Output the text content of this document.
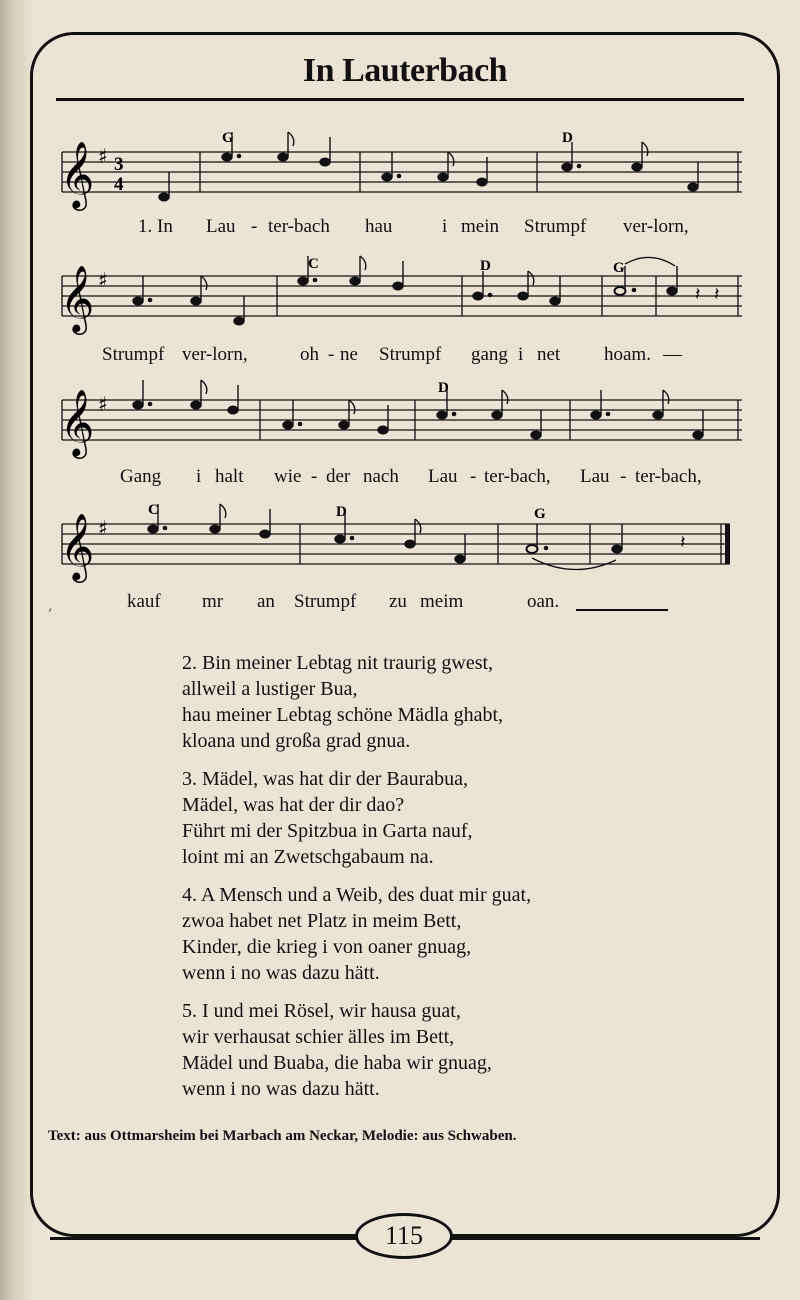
In Lauterbach
𝄞 ♯ 3
4
G	D
1. In Lau - ter-bach hau	i mein Strumpf ver-lorn,
𝄞 ♯
C	D	G
𝄽 𝄽
Strumpf ver-lorn,	oh - ne Strumpf gang i net hoam. —
𝄞 ♯
D
Gang i halt wie - der nach Lau - ter-bach, Lau - ter-bach,
𝄞 ♯
C	D	G
𝄽
kauf mr an Strumpf zu meim	oan.
‚
2. Bin meiner Lebtag nit traurig gwest,
allweil a lustiger Bua,
hau meiner Lebtag schöne Mädla ghabt,
kloana und großa grad gnua.
3. Mädel, was hat dir der Baurabua,
Mädel, was hat der dir dao?
Führt mi der Spitzbua in Garta nauf,
loint mi an Zwetschgabaum na.
4. A Mensch und a Weib, des duat mir guat,
zwoa habet net Platz in meim Bett,
Kinder, die krieg i von oaner gnuag,
wenn i no was dazu hätt.
5. I und mei Rösel, wir hausa guat,
wir verhausat schier älles im Bett,
Mädel und Buaba, die haba wir gnuag,
wenn i no was dazu hätt.
Text: aus Ottmarsheim bei Marbach am Neckar, Melodie: aus Schwaben.
115
